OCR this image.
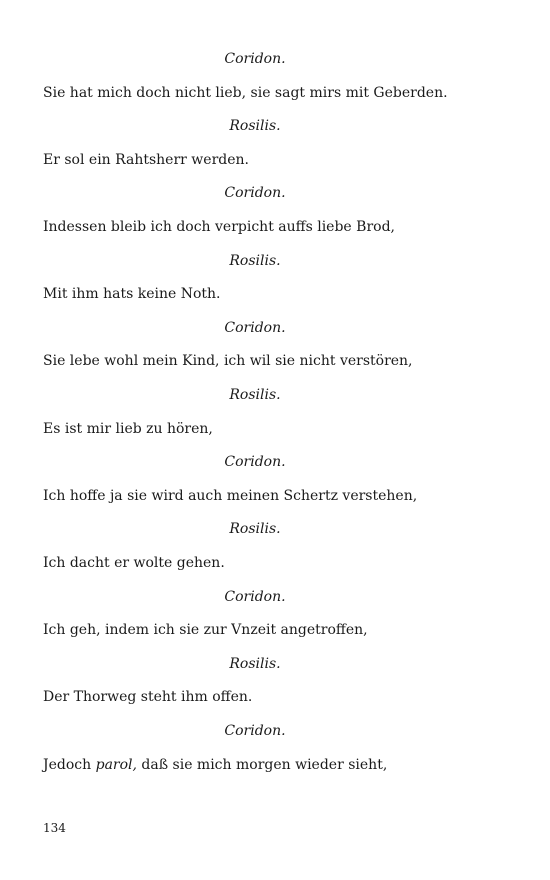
Coridon.
Sie hat mich doch nicht lieb, sie sagt mirs mit Geberden.
Rosilis.
Er sol ein Rahtsherr werden.
Coridon.
Indessen bleib ich doch verpicht auffs liebe Brod,
Rosilis.
Mit ihm hats keine Noth.
Coridon.
Sie lebe wohl mein Kind, ich wil sie nicht verstören,
Rosilis.
Es ist mir lieb zu hören,
Coridon.
Ich hoffe ja sie wird auch meinen Schertz verstehen,
Rosilis.
Ich dacht er wolte gehen.
Coridon.
Ich geh, indem ich sie zur Vnzeit angetroffen,
Rosilis.
Der Thorweg steht ihm offen.
Coridon.
Jedoch parol, daß sie mich morgen wieder sieht,
134
